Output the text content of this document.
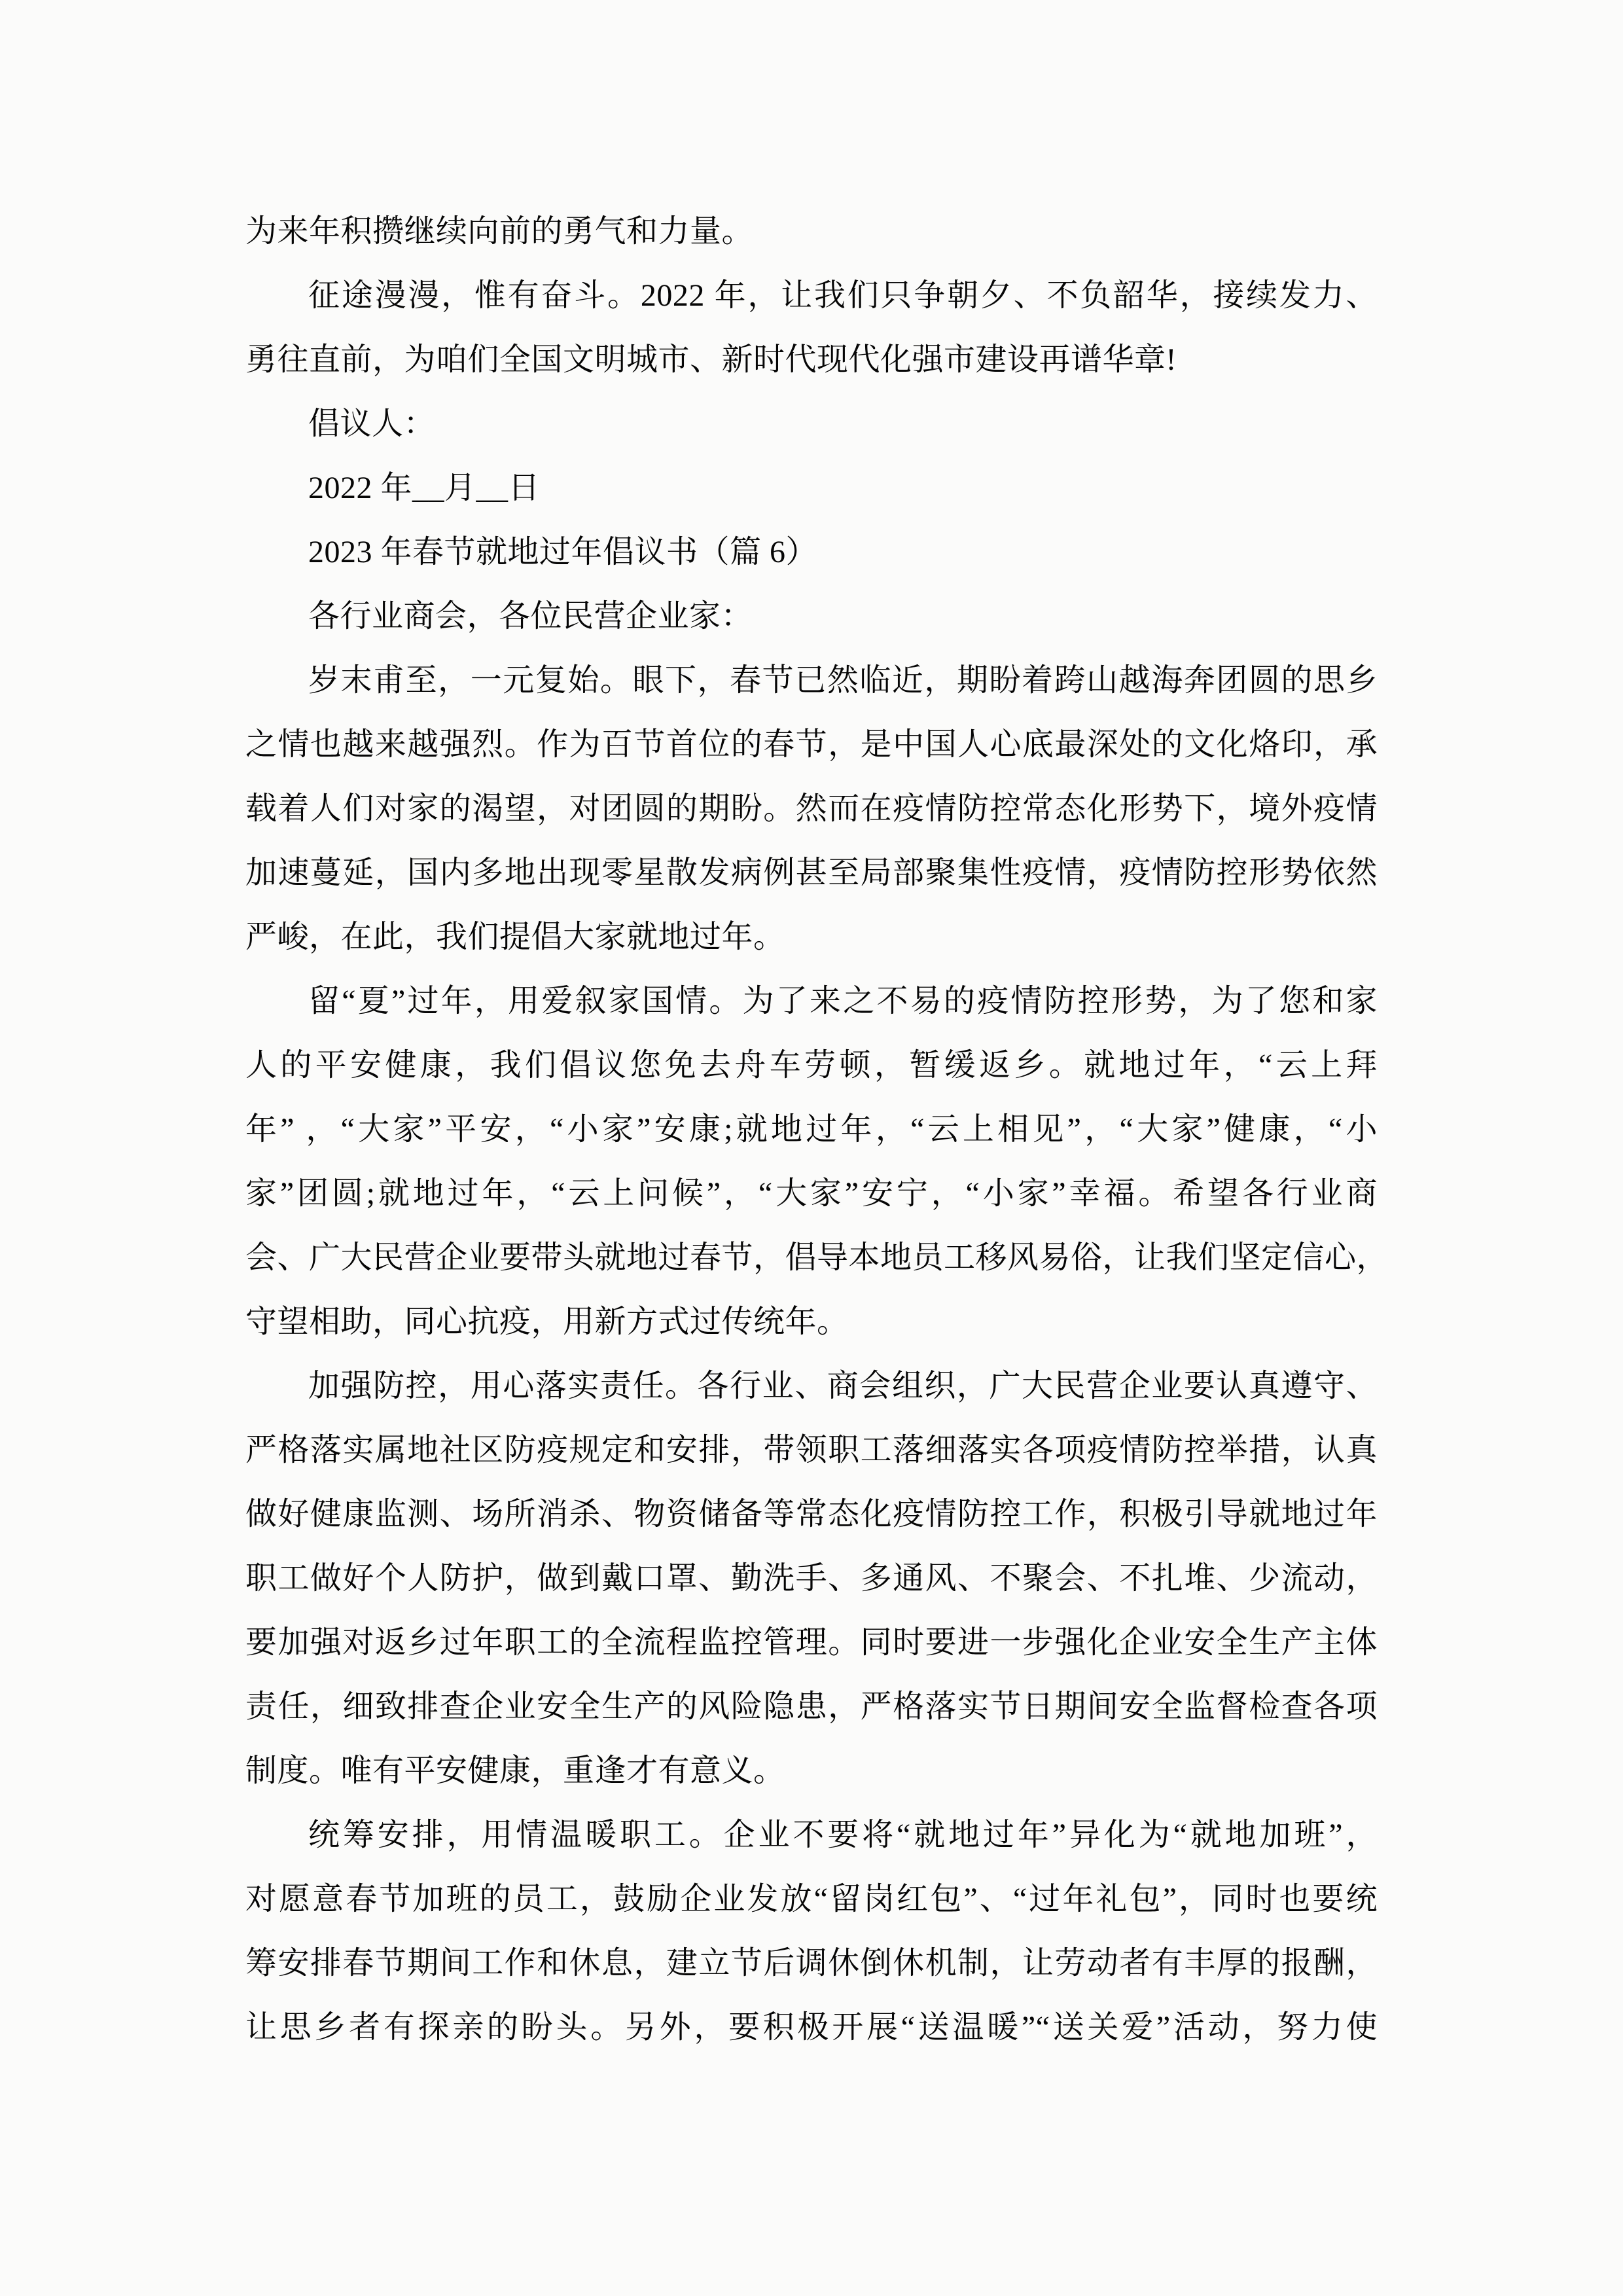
为来年积攒继续向前的勇气和力量。
征途漫漫，惟有奋斗。2022 年，让我们只争朝夕、不负韶华，接续发力、
勇往直前，为咱们全国文明城市、新时代现代化强市建设再谱华章!
倡议人：
2022 年__月__日
2023 年春节就地过年倡议书（篇 6）
各行业商会，各位民营企业家：
岁末甫至，一元复始。眼下，春节已然临近，期盼着跨山越海奔团圆的思乡
之情也越来越强烈。作为百节首位的春节，是中国人心底最深处的文化烙印，承
载着人们对家的渴望，对团圆的期盼。然而在疫情防控常态化形势下，境外疫情
加速蔓延，国内多地出现零星散发病例甚至局部聚集性疫情，疫情防控形势依然
严峻，在此，我们提倡大家就地过年。
留“夏”过年，用爱叙家国情。为了来之不易的疫情防控形势，为了您和家
人的平安健康，我们倡议您免去舟车劳顿，暂缓返乡。就地过年，“云上拜
年” ，“大家”平安，“小家”安康;就地过年，“云上相见”，“大家”健康，“小
家”团圆;就地过年，“云上问候”，“大家”安宁，“小家”幸福。希望各行业商
会、广大民营企业要带头就地过春节，倡导本地员工移风易俗，让我们坚定信心，
守望相助，同心抗疫，用新方式过传统年。
加强防控，用心落实责任。各行业、商会组织，广大民营企业要认真遵守、
严格落实属地社区防疫规定和安排，带领职工落细落实各项疫情防控举措，认真
做好健康监测、场所消杀、物资储备等常态化疫情防控工作，积极引导就地过年
职工做好个人防护，做到戴口罩、勤洗手、多通风、不聚会、不扎堆、少流动，
要加强对返乡过年职工的全流程监控管理。同时要进一步强化企业安全生产主体
责任，细致排查企业安全生产的风险隐患，严格落实节日期间安全监督检查各项
制度。唯有平安健康，重逢才有意义。
统筹安排，用情温暖职工。企业不要将“就地过年”异化为“就地加班”，
对愿意春节加班的员工，鼓励企业发放“留岗红包”、“过年礼包”，同时也要统
筹安排春节期间工作和休息，建立节后调休倒休机制，让劳动者有丰厚的报酬，
让思乡者有探亲的盼头。另外，要积极开展“送温暖”“送关爱”活动，努力使
